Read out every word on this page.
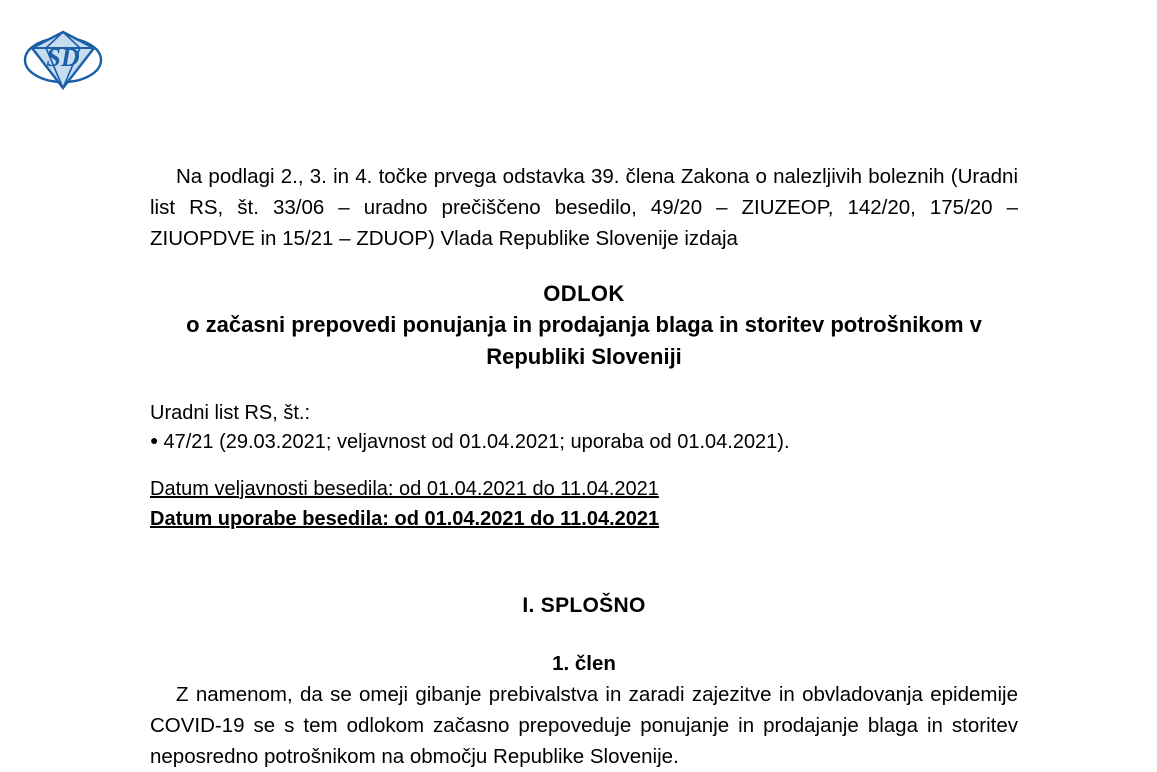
SD

Na podlagi 2., 3. in 4. točke prvega odstavka 39. člena Zakona o nalezljivih boleznih (Uradni list RS, št. 33/06 – uradno prečiščeno besedilo, 49/20 – ZIUZEOP, 142/20, 175/20 – ZIUOPDVE in 15/21 – ZDUOP) Vlada Republike Slovenije izdaja

ODLOK
o začasni prepovedi ponujanja in prodajanja blaga in storitev potrošnikom v Republiki Sloveniji
Uradni list RS, št.:
● 47/21 (29.03.2021; veljavnost od 01.04.2021; uporaba od 01.04.2021).
Datum veljavnosti besedila: od 01.04.2021 do 11.04.2021
Datum uporabe besedila: od 01.04.2021 do 11.04.2021
I. SPLOŠNO
1. člen

Z namenom, da se omeji gibanje prebivalstva in zaradi zajezitve in obvladovanja epidemije COVID-19 se s tem odlokom začasno prepoveduje ponujanje in prodajanje blaga in storitev neposredno potrošnikom na območju Republike Slovenije.
